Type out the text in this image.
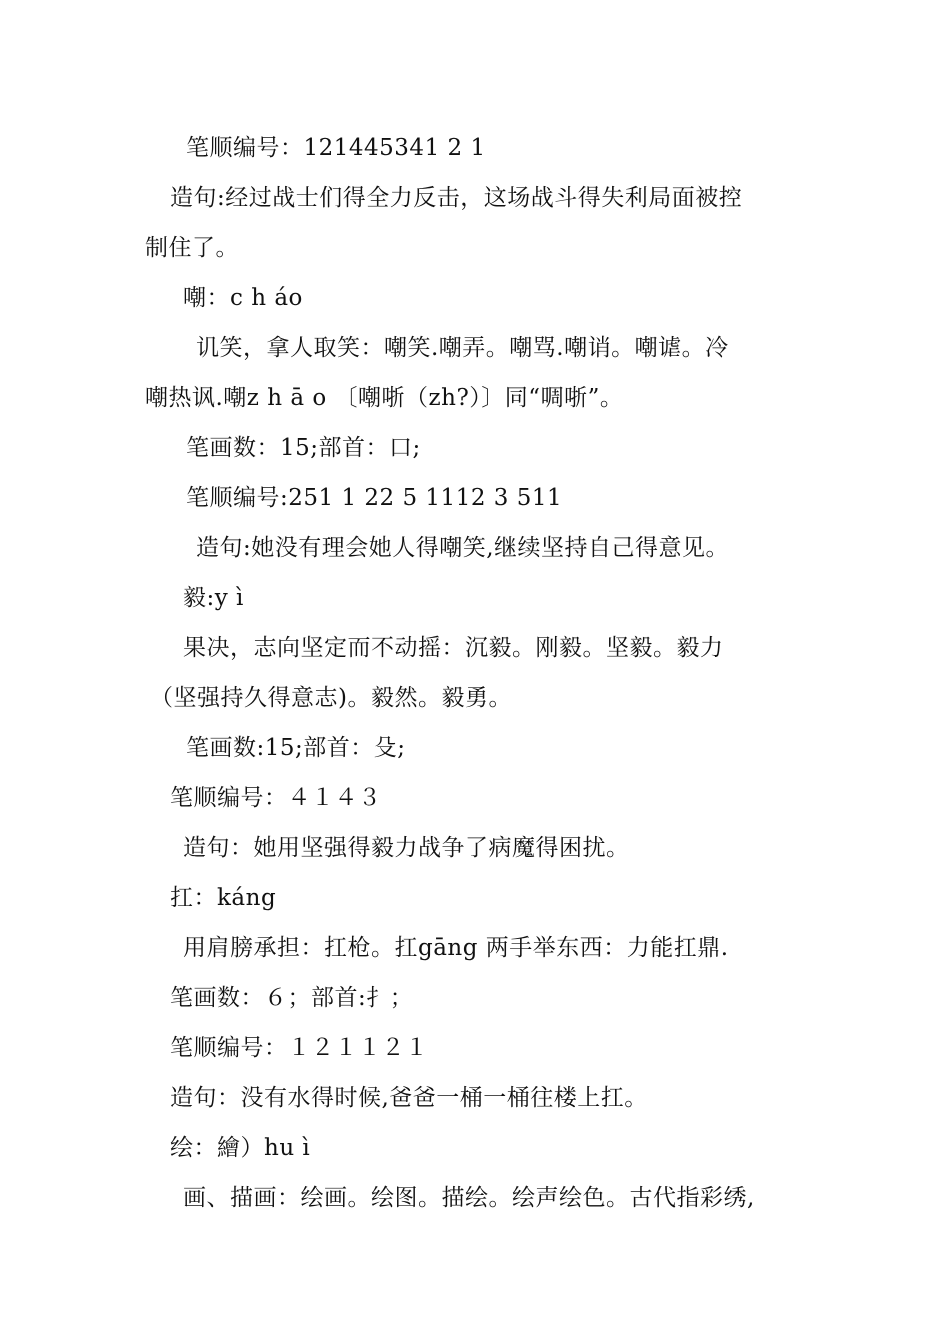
笔顺编号：121445341 2 1
造句:经过战士们得全力反击，这场战斗得失利局面被控
制住了。
嘲：c h áo
讥笑，拿人取笑：嘲笑.嘲弄。嘲骂.嘲诮。嘲谑。冷
嘲热讽.嘲z h ā o 〔嘲哳（zh?）〕同“啁哳”。
笔画数：15;部首：口;
笔顺编号:251 1 22 5 1112 3 511
造句:她没有理会她人得嘲笑,继续坚持自己得意见。
毅:y ì
果决，志向坚定而不动摇：沉毅。刚毅。坚毅。毅力
（坚强持久得意志)。毅然。毅勇。
笔画数:15;部首：殳;
笔顺编号：４１４３
造句：她用坚强得毅力战争了病魔得困扰。
扛：káng
用肩膀承担：扛枪。扛gāng 两手举东西：力能扛鼎.
笔画数：６；部首:扌；
笔顺编号：１２１１２１
造句：没有水得时候,爸爸一桶一桶往楼上扛。
绘：繪）hu ì
画、描画：绘画。绘图。描绘。绘声绘色。古代指彩绣,
